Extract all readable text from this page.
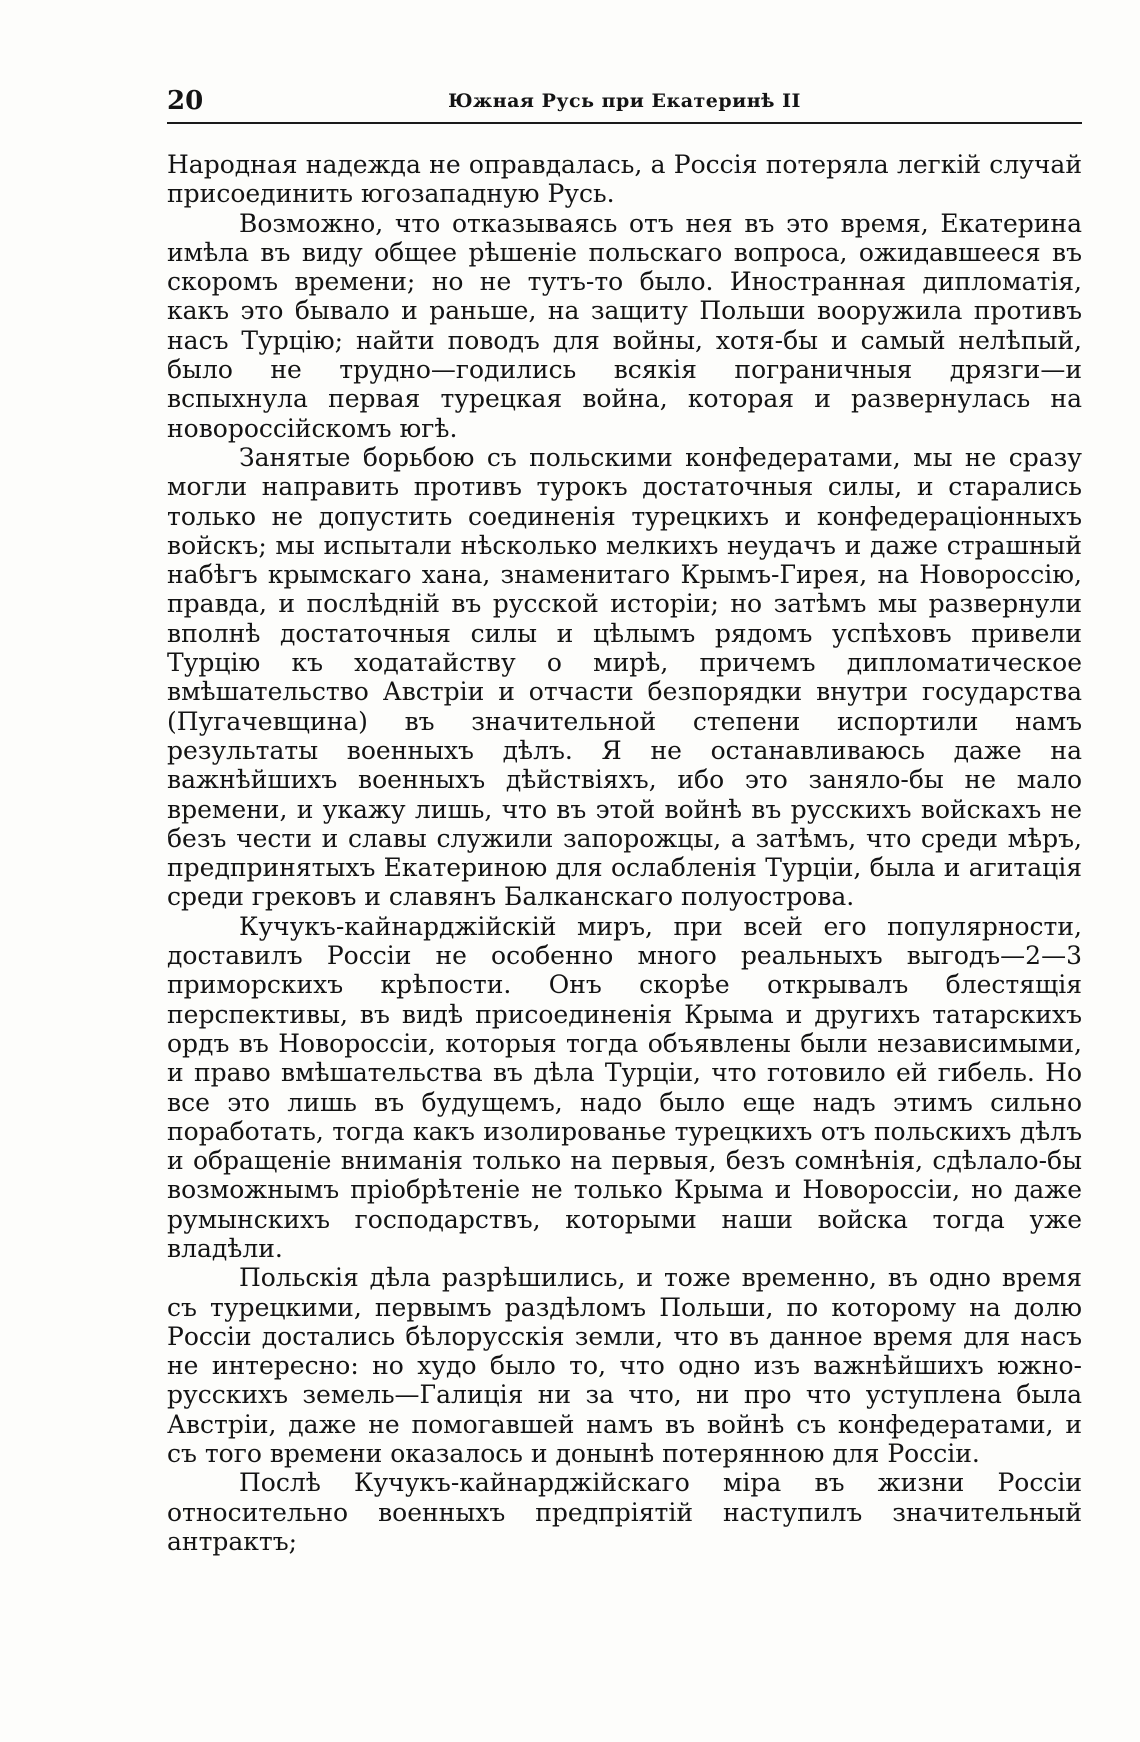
20	Южная Русь при Екатеринѣ II

Народная надежда не оправдалась, а Россія потеряла легкій случай присоединить югозападную Русь.

Возможно, что отказываясь отъ нея въ это время, Екатерина имѣла въ виду общее рѣшеніе польскаго вопроса, ожидавшееся въ скоромъ времени; но не тутъ-то было. Иностранная дипломатія, какъ это бывало и раньше, на защиту Польши вооружила противъ насъ Турцію; найти поводъ для войны, хотя-бы и самый нелѣпый, было не трудно—годились всякія пограничныя дрязги—и вспыхнула первая турецкая война, которая и развернулась на новороссійскомъ югѣ.

Занятые борьбою съ польскими конфедератами, мы не сразу могли направить противъ турокъ достаточныя силы, и старались только не допустить соединенія турецкихъ и конфедераціонныхъ войскъ; мы испытали нѣсколько мелкихъ неудачъ и даже страшный набѣгъ крымскаго хана, знаменитаго Крымъ-Гирея, на Новороссію, правда, и послѣдній въ русской исторіи; но затѣмъ мы развернули вполнѣ достаточныя силы и цѣлымъ рядомъ успѣховъ привели Турцію къ ходатайству о мирѣ, причемъ дипломатическое вмѣшательство Австріи и отчасти безпорядки внутри государства (Пугачевщина) въ значительной степени испортили намъ результаты военныхъ дѣлъ. Я не останавливаюсь даже на важнѣйшихъ военныхъ дѣйствіяхъ, ибо это заняло-бы не мало времени, и укажу лишь, что въ этой войнѣ въ русскихъ войскахъ не безъ чести и славы служили запорожцы, а затѣмъ, что среди мѣръ, предпринятыхъ Екатериною для ослабленія Турціи, была и агитація среди грековъ и славянъ Балканскаго полуострова.

Кучукъ-кайнарджійскій миръ, при всей его популярности, доставилъ Россіи не особенно много реальныхъ выгодъ—2—3 приморскихъ крѣпости. Онъ скорѣе открывалъ блестящія перспективы, въ видѣ присоединенія Крыма и другихъ татарскихъ ордъ въ Новороссіи, которыя тогда объявлены были независимыми, и право вмѣшательства въ дѣла Турціи, что готовило ей гибель. Но все это лишь въ будущемъ, надо было еще надъ этимъ сильно поработать, тогда какъ изолированье турецкихъ отъ польскихъ дѣлъ и обращеніе вниманія только на первыя, безъ сомнѣнія, сдѣлало-бы возможнымъ пріобрѣтеніе не только Крыма и Новороссіи, но даже румынскихъ господарствъ, которыми наши войска тогда уже владѣли.

Польскія дѣла разрѣшились, и тоже временно, въ одно время съ турецкими, первымъ раздѣломъ Польши, по которому на долю Россіи достались бѣлорусскія земли, что въ данное время для насъ не интересно: но худо было то, что одно изъ важнѣйшихъ южно-русскихъ земель—Галиція ни за что, ни про что уступлена была Австріи, даже не помогавшей намъ въ войнѣ съ конфедератами, и съ того времени оказалось и донынѣ потерянною для Россіи.

Послѣ Кучукъ-кайнарджійскаго міра въ жизни Россіи относительно военныхъ предпріятій наступилъ значительный антрактъ;
